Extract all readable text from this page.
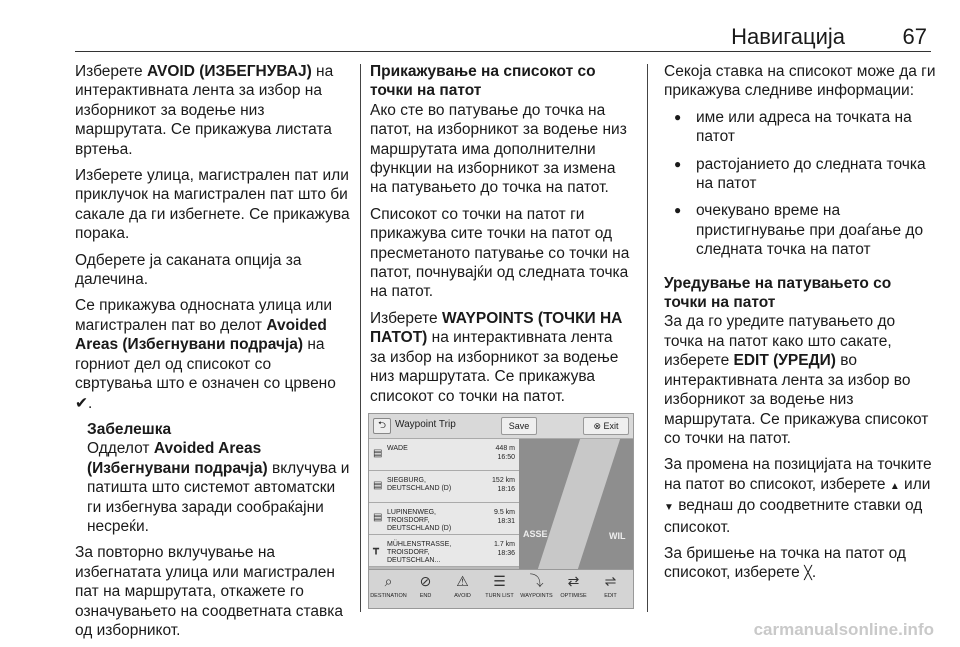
Навигација	67

Изберете AVOID (ИЗБЕГНУВАЈ) на интерактивната лента за избор на изборникот за водење низ маршрутата. Се прикажува листата вртења.

Изберете улица, магистрален пат или приклучок на магистрален пат што би сакале да ги избегнете. Се прикажува порака.

Одберете ја саканата опција за далечина.

Се прикажува односната улица или магистрален пат во делот Avoided Areas (Избегнувани подрачја) на горниот дел од списокот со свртувања што е означен со црвено ✔.

Забелешка
Одделот Avoided Areas (Избегнувани подрачја) вклучува и патишта што системот автоматски ги избегнува заради сообраќајни несреќи.

За повторно вклучување на избегнатата улица или магистрален пат на маршрутата, откажете го означувањето на соодветната ставка од изборникот.

Прикажување на списокот со точки на патот

Ако сте во патување до точка на патот, на изборникот за водење низ маршрутата има дополнителни функции на изборникот за измена на патувањето до точка на патот.

Списокот со точки на патот ги прикажува сите точки на патот од пресметаното патување со точки на патот, почнувајќи од следната точка на патот.

Изберете WAYPOINTS (ТОЧКИ НА ПАТОТ) на интерактивната лента за избор на изборникот за водење низ маршрутата. Се прикажува списокот со точки на патот.

⮌ Waypoint Trip	Save	⊗ Exit
ASSE	WIL
▤ WADE	448 m
16:50
▤ SIEGBURG, DEUTSCHLAND (D)
152 km
18:16
▤ LUPINENWEG, TROISDORF, DEUTSCHLAND (D)
9.5 km
18:31
┳ MÜHLENSTRASSE, TROISDORF, DEUTSCHLAN...
1.7 km
18:36
⌕
DESTINATION
⊘
END
⚠
AVOID
☰
TURN LIST
⤵
WAYPOINTS
⇄
OPTIMISE
⇌
EDIT

Секоја ставка на списокот може да ги прикажува следниве информации:

● име или адреса на точката на патот
● растојанието до следната точка на патот
● очекувано време на пристигнување при доаѓање до следната точка на патот

Уредување на патувањето со точки на патот

За да го уредите патувањето до точка на патот како што сакате, изберете EDIT (УРЕДИ) во интерактивната лента за избор во изборникот за водење низ маршрутата. Се прикажува списокот со точки на патот.

За промена на позицијата на точките на патот во списокот, изберете ▲ или ▼ веднаш до соодветните ставки од списокот.

За бришење на точка на патот од списокот, изберете ╳.

carmanualsonline.info
